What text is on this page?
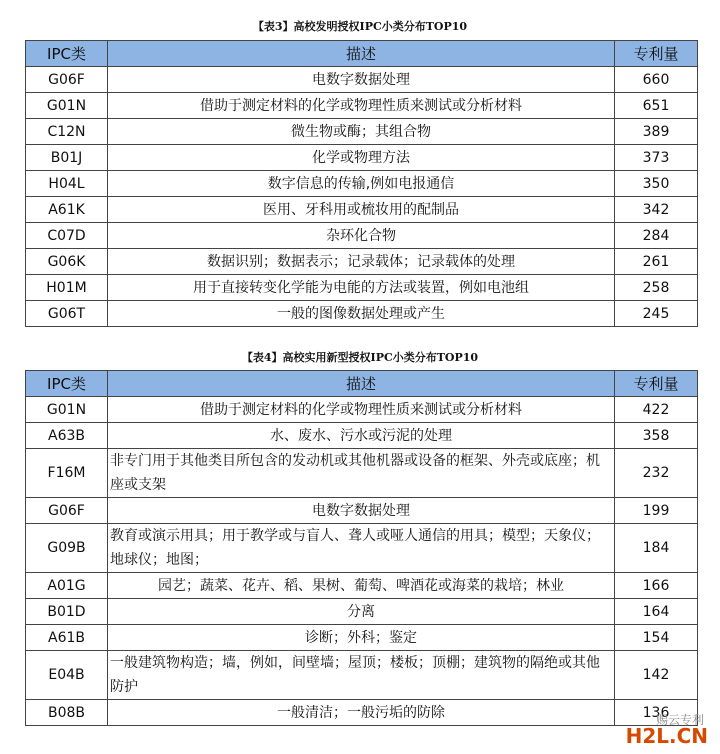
【表3】高校发明授权IPC小类分布TOP10
IPC类	描述	专利量
G06F	电数字数据处理	660
G01N	借助于测定材料的化学或物理性质来测试或分析材料	651
C12N	微生物或酶；其组合物	389
B01J	化学或物理方法	373
H04L	数字信息的传输,例如电报通信	350
A61K	医用、牙科用或梳妆用的配制品	342
C07D	杂环化合物	284
G06K	数据识别；数据表示；记录载体；记录载体的处理	261
H01M	用于直接转变化学能为电能的方法或装置，例如电池组	258
G06T	一般的图像数据处理或产生	245
【表4】高校实用新型授权IPC小类分布TOP10
IPC类	描述	专利量
G01N	借助于测定材料的化学或物理性质来测试或分析材料	422
A63B	水、废水、污水或污泥的处理	358
F16M	非专门用于其他类目所包含的发动机或其他机器或设备的框架、外壳或底座；机座或支架	232
G06F	电数字数据处理	199
G09B	教育或演示用具；用于教学或与盲人、聋人或哑人通信的用具；模型；天象仪；地球仪；地图；	184
A01G	园艺；蔬菜、花卉、稻、果树、葡萄、啤酒花或海菜的栽培；林业	166
B01D	分离	164
A61B	诊断；外科；鉴定	154
E04B	一般建筑物构造；墙，例如，间壁墙；屋顶；楼板；顶棚；建筑物的隔绝或其他防护	142
B08B	一般清洁；一般污垢的防除	136
赐云专利
H2L.CN
